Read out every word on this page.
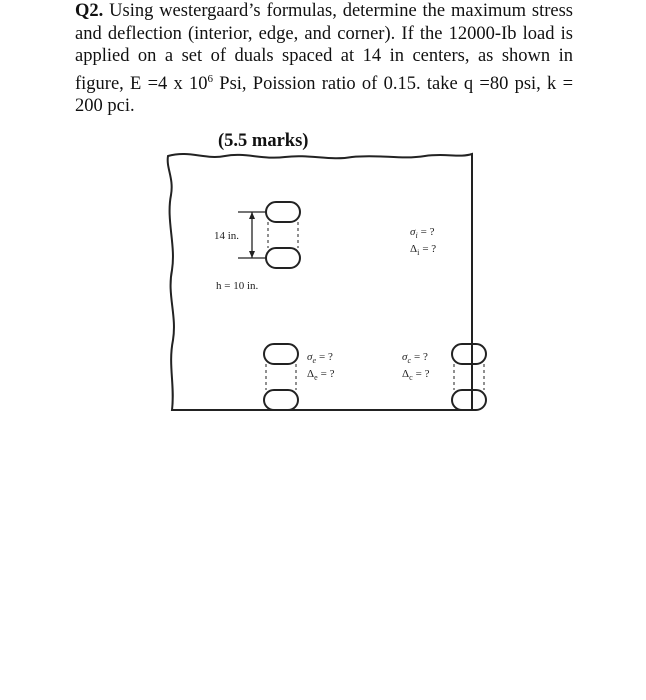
Q2. Using westergaard’s formulas, determine the maximum stress and deflection (interior, edge, and corner). If the 12000-Ib load is applied on a set of duals spaced at 14 in centers, as shown in figure, E =4 x $10^6$ Psi, Poission ratio of 0.15. take q =80 psi, k = 200 pci.
(5.5 marks)
14 in.
h = 10 in.
$\sigma_i$ = ?
$\Delta_i$ = ?
$\sigma_e$ = ?
$\Delta_e$ = ?
$\sigma_c$ = ?
$\Delta_c$ = ?
